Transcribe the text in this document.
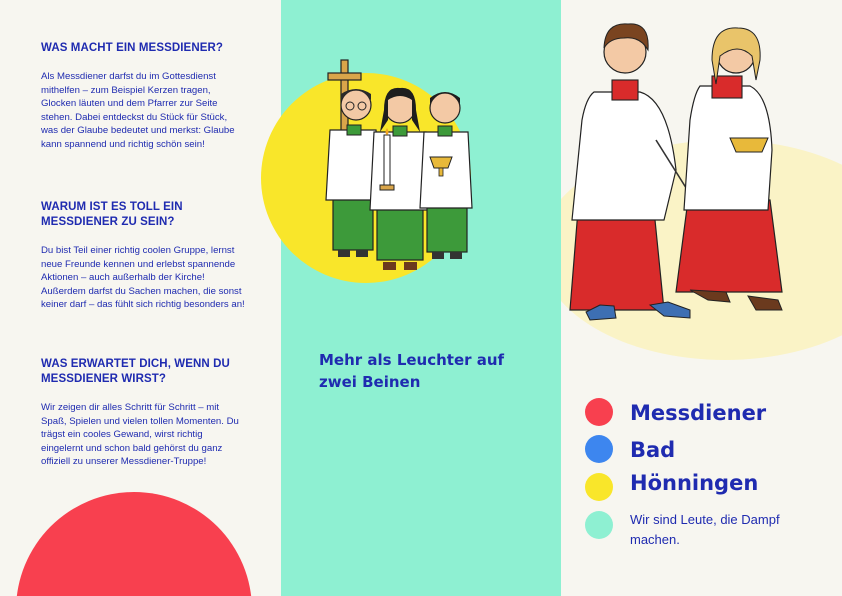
WAS MACHT EIN MESSDIENER?

Als Messdiener darfst du im Gottesdienst mithelfen – zum Beispiel Kerzen tragen, Glocken läuten und dem Pfarrer zur Seite stehen. Dabei entdeckst du Stück für Stück, was der Glaube bedeutet und merkst: Glaube kann spannend und richtig schön sein!

WARUM IST ES TOLL EIN MESSDIENER ZU SEIN?

Du bist Teil einer richtig coolen Gruppe, lernst neue Freunde kennen und erlebst spannende Aktionen – auch außerhalb der Kirche! Außerdem darfst du Sachen machen, die sonst keiner darf – das fühlt sich richtig besonders an!

WAS ERWARTET DICH, WENN DU MESSDIENER WIRST?

Wir zeigen dir alles Schritt für Schritt – mit Spaß, Spielen und vielen tollen Momenten. Du trägst ein cooles Gewand, wirst richtig eingelernt und schon bald gehörst du ganz offiziell zu unserer Messdiener-Truppe!

Mehr als Leuchter auf zwei Beinen
Messdiener
Bad
Hönningen
Wir sind Leute, die Dampf machen.
